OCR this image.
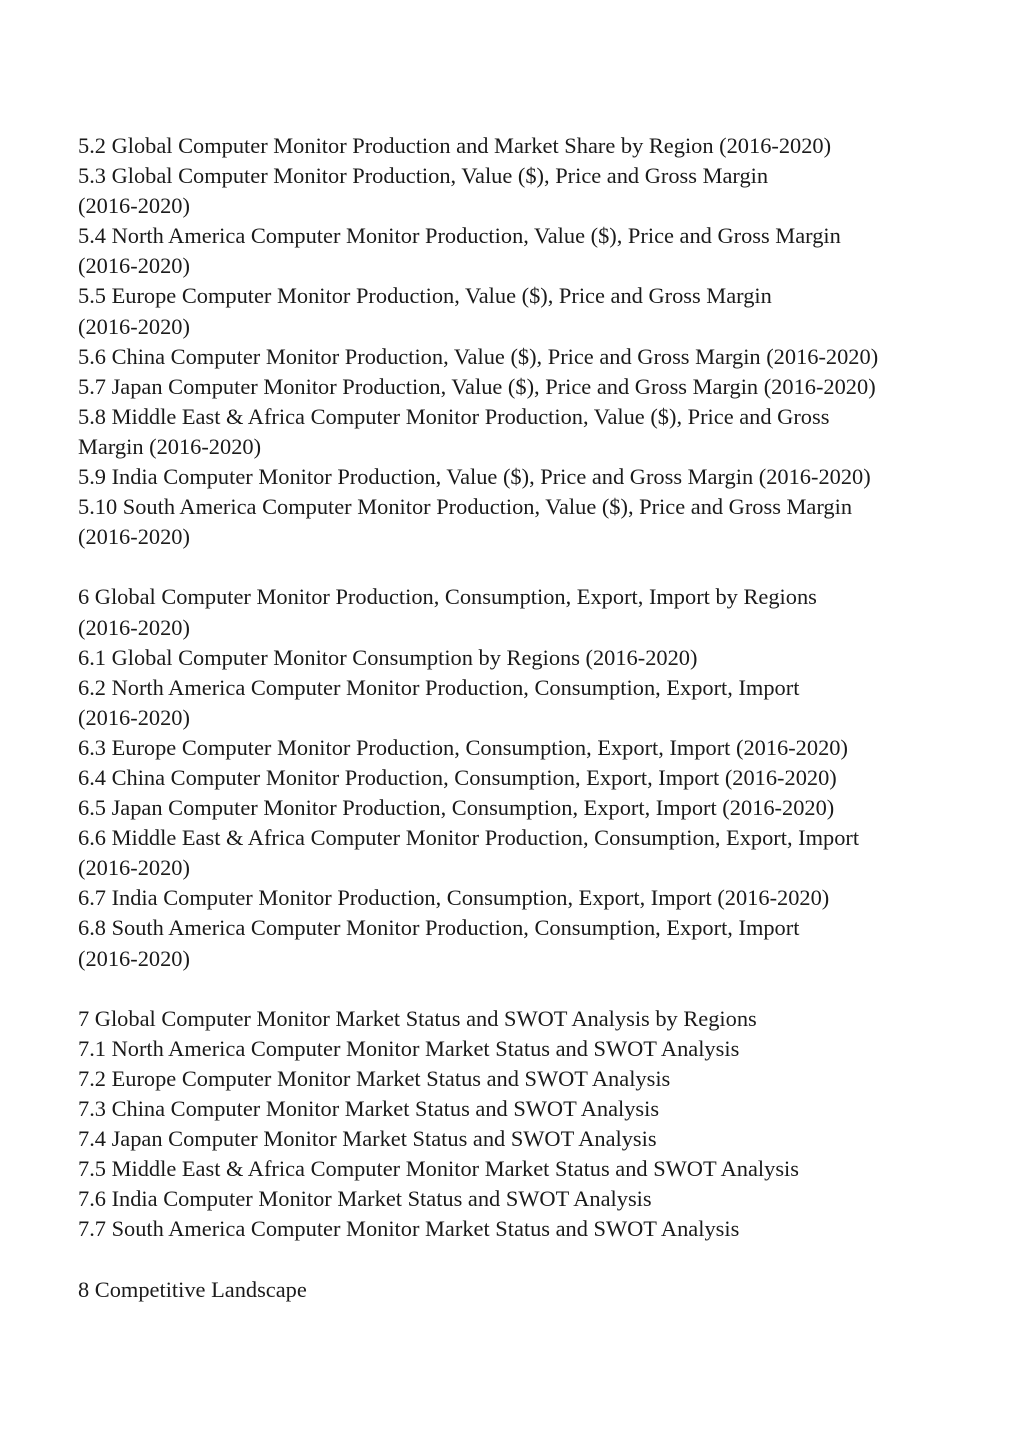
5.2 Global Computer Monitor Production and Market Share by Region (2016-2020)
5.3 Global Computer Monitor Production, Value ($), Price and Gross Margin
(2016-2020)
5.4 North America Computer Monitor Production, Value ($), Price and Gross Margin
(2016-2020)
5.5 Europe Computer Monitor Production, Value ($), Price and Gross Margin
(2016-2020)
5.6 China Computer Monitor Production, Value ($), Price and Gross Margin (2016-2020)
5.7 Japan Computer Monitor Production, Value ($), Price and Gross Margin (2016-2020)
5.8 Middle East & Africa Computer Monitor Production, Value ($), Price and Gross
Margin (2016-2020)
5.9 India Computer Monitor Production, Value ($), Price and Gross Margin (2016-2020)
5.10 South America Computer Monitor Production, Value ($), Price and Gross Margin
(2016-2020)
6 Global Computer Monitor Production, Consumption, Export, Import by Regions
(2016-2020)
6.1 Global Computer Monitor Consumption by Regions (2016-2020)
6.2 North America Computer Monitor Production, Consumption, Export, Import
(2016-2020)
6.3 Europe Computer Monitor Production, Consumption, Export, Import (2016-2020)
6.4 China Computer Monitor Production, Consumption, Export, Import (2016-2020)
6.5 Japan Computer Monitor Production, Consumption, Export, Import (2016-2020)
6.6 Middle East & Africa Computer Monitor Production, Consumption, Export, Import
(2016-2020)
6.7 India Computer Monitor Production, Consumption, Export, Import (2016-2020)
6.8 South America Computer Monitor Production, Consumption, Export, Import
(2016-2020)
7 Global Computer Monitor Market Status and SWOT Analysis by Regions
7.1 North America Computer Monitor Market Status and SWOT Analysis
7.2 Europe Computer Monitor Market Status and SWOT Analysis
7.3 China Computer Monitor Market Status and SWOT Analysis
7.4 Japan Computer Monitor Market Status and SWOT Analysis
7.5 Middle East & Africa Computer Monitor Market Status and SWOT Analysis
7.6 India Computer Monitor Market Status and SWOT Analysis
7.7 South America Computer Monitor Market Status and SWOT Analysis
8 Competitive Landscape
